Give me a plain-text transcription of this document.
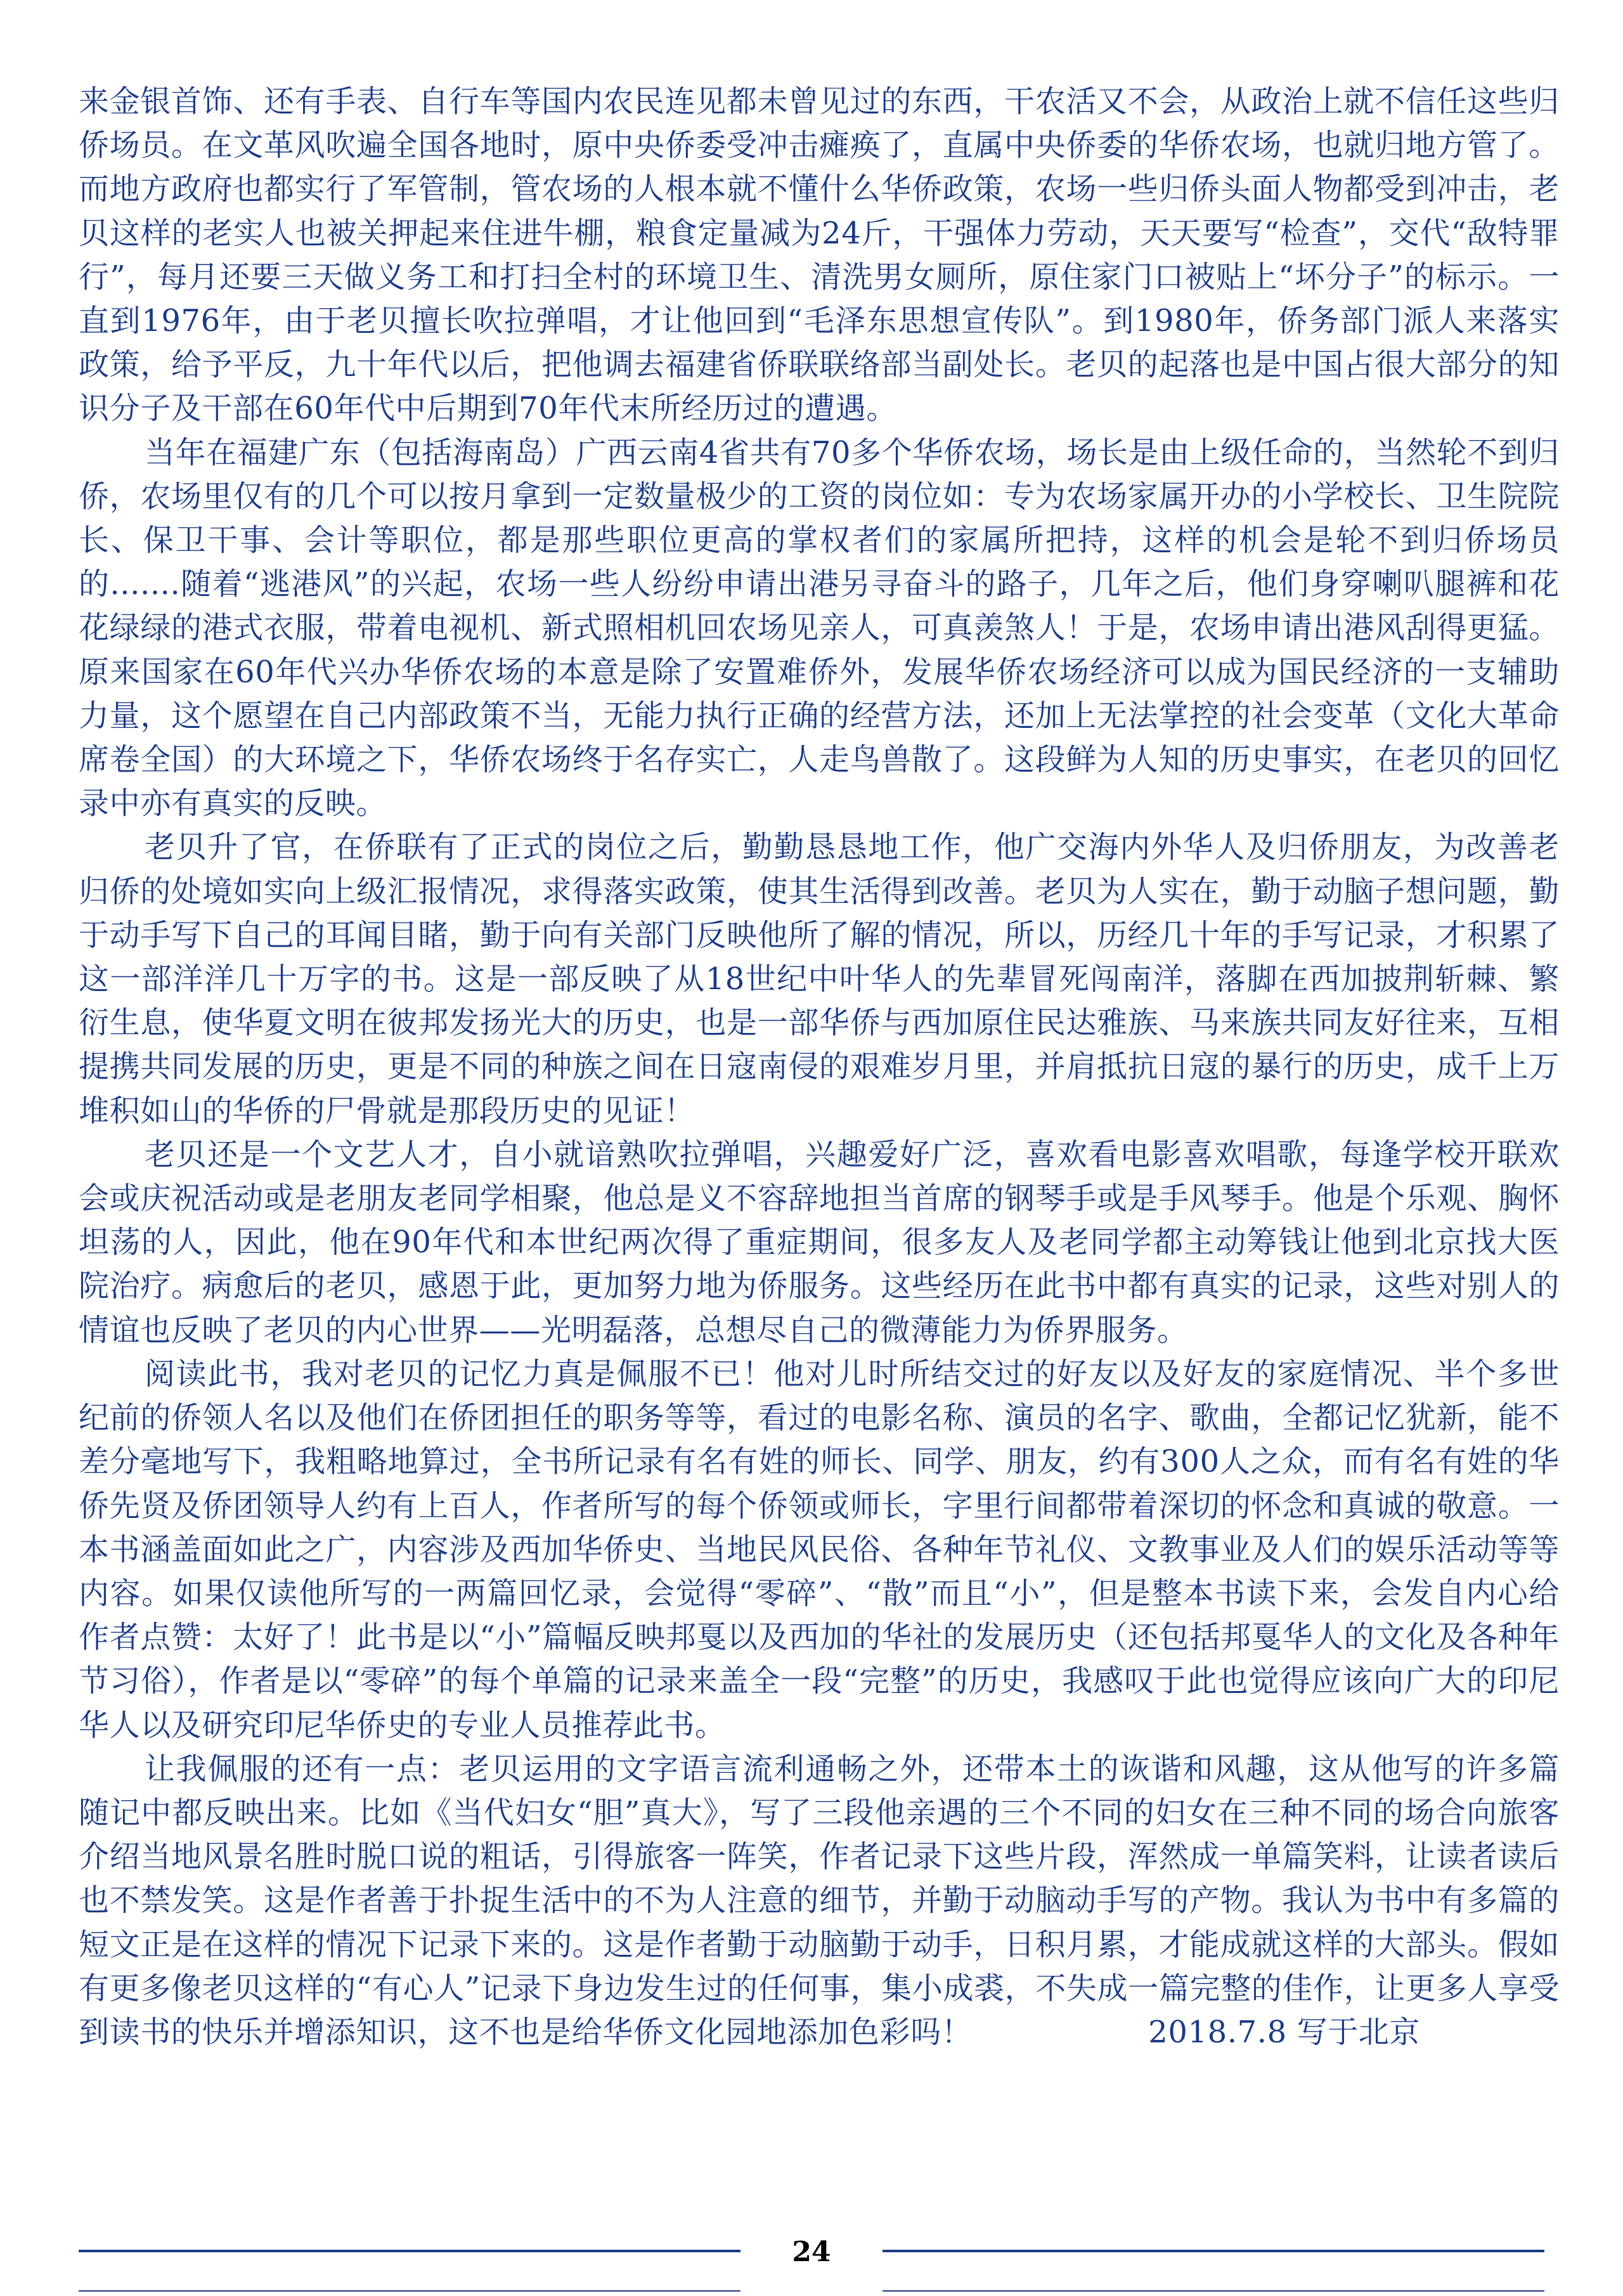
来金银首饰、还有手表、自行车等国内农民连见都未曾见过的东西，干农活又不会，从政治上就不信任这些归侨场员。在文革风吹遍全国各地时，原中央侨委受冲击瘫痪了，直属中央侨委的华侨农场，也就归地方管了。而地方政府也都实行了军管制，管农场的人根本就不懂什么华侨政策，农场一些归侨头面人物都受到冲击，老贝这样的老实人也被关押起来住进牛棚，粮食定量减为24斤，干强体力劳动，天天要写“检查”，交代“敌特罪行”，每月还要三天做义务工和打扫全村的环境卫生、清洗男女厕所，原住家门口被贴上“坏分子”的标示。一直到1976年，由于老贝擅长吹拉弹唱，才让他回到“毛泽东思想宣传队”。到1980年，侨务部门派人来落实政策，给予平反，九十年代以后，把他调去福建省侨联联络部当副处长。老贝的起落也是中国占很大部分的知识分子及干部在60年代中后期到70年代末所经历过的遭遇。

当年在福建广东（包括海南岛）广西云南4省共有70多个华侨农场，场长是由上级任命的，当然轮不到归侨，农场里仅有的几个可以按月拿到一定数量极少的工资的岗位如：专为农场家属开办的小学校长、卫生院院长、保卫干事、会计等职位，都是那些职位更高的掌权者们的家属所把持，这样的机会是轮不到归侨场员的.......随着“逃港风”的兴起，农场一些人纷纷申请出港另寻奋斗的路子，几年之后，他们身穿喇叭腿裤和花花绿绿的港式衣服，带着电视机、新式照相机回农场见亲人，可真羡煞人！于是，农场申请出港风刮得更猛。原来国家在60年代兴办华侨农场的本意是除了安置难侨外，发展华侨农场经济可以成为国民经济的一支辅助力量，这个愿望在自己内部政策不当，无能力执行正确的经营方法，还加上无法掌控的社会变革（文化大革命席卷全国）的大环境之下，华侨农场终于名存实亡，人走鸟兽散了。这段鲜为人知的历史事实，在老贝的回忆录中亦有真实的反映。

老贝升了官，在侨联有了正式的岗位之后，勤勤恳恳地工作，他广交海内外华人及归侨朋友，为改善老归侨的处境如实向上级汇报情况，求得落实政策，使其生活得到改善。老贝为人实在，勤于动脑子想问题，勤于动手写下自己的耳闻目睹，勤于向有关部门反映他所了解的情况，所以，历经几十年的手写记录，才积累了这一部洋洋几十万字的书。这是一部反映了从18世纪中叶华人的先辈冒死闯南洋，落脚在西加披荆斩棘、繁衍生息，使华夏文明在彼邦发扬光大的历史，也是一部华侨与西加原住民达雅族、马来族共同友好往来，互相提携共同发展的历史，更是不同的种族之间在日寇南侵的艰难岁月里，并肩抵抗日寇的暴行的历史，成千上万堆积如山的华侨的尸骨就是那段历史的见证！

老贝还是一个文艺人才，自小就谙熟吹拉弹唱，兴趣爱好广泛，喜欢看电影喜欢唱歌，每逢学校开联欢会或庆祝活动或是老朋友老同学相聚，他总是义不容辞地担当首席的钢琴手或是手风琴手。他是个乐观、胸怀坦荡的人，因此，他在90年代和本世纪两次得了重症期间，很多友人及老同学都主动筹钱让他到北京找大医院治疗。病愈后的老贝，感恩于此，更加努力地为侨服务。这些经历在此书中都有真实的记录，这些对别人的情谊也反映了老贝的内心世界——光明磊落，总想尽自己的微薄能力为侨界服务。

阅读此书，我对老贝的记忆力真是佩服不已！他对儿时所结交过的好友以及好友的家庭情况、半个多世纪前的侨领人名以及他们在侨团担任的职务等等，看过的电影名称、演员的名字、歌曲，全都记忆犹新，能不差分毫地写下，我粗略地算过，全书所记录有名有姓的师长、同学、朋友，约有300人之众，而有名有姓的华侨先贤及侨团领导人约有上百人，作者所写的每个侨领或师长，字里行间都带着深切的怀念和真诚的敬意。一本书涵盖面如此之广，内容涉及西加华侨史、当地民风民俗、各种年节礼仪、文教事业及人们的娱乐活动等等内容。如果仅读他所写的一两篇回忆录，会觉得“零碎”、“散”而且“小”，但是整本书读下来，会发自内心给作者点赞：太好了！此书是以“小”篇幅反映邦戛以及西加的华社的发展历史（还包括邦戛华人的文化及各种年节习俗），作者是以“零碎”的每个单篇的记录来盖全一段“完整”的历史，我感叹于此也觉得应该向广大的印尼华人以及研究印尼华侨史的专业人员推荐此书。

让我佩服的还有一点：老贝运用的文字语言流利通畅之外，还带本土的诙谐和风趣，这从他写的许多篇随记中都反映出来。比如《当代妇女“胆”真大》，写了三段他亲遇的三个不同的妇女在三种不同的场合向旅客介绍当地风景名胜时脱口说的粗话，引得旅客一阵笑，作者记录下这些片段，浑然成一单篇笑料，让读者读后也不禁发笑。这是作者善于扑捉生活中的不为人注意的细节，并勤于动脑动手写的产物。我认为书中有多篇的短文正是在这样的情况下记录下来的。这是作者勤于动脑勤于动手，日积月累，才能成就这样的大部头。假如有更多像老贝这样的“有心人”记录下身边发生过的任何事，集小成裘，不失成一篇完整的佳作，让更多人享受到读书的快乐并增添知识，这不也是给华侨文化园地添加色彩吗！	2018.7.8 写于北京

24
